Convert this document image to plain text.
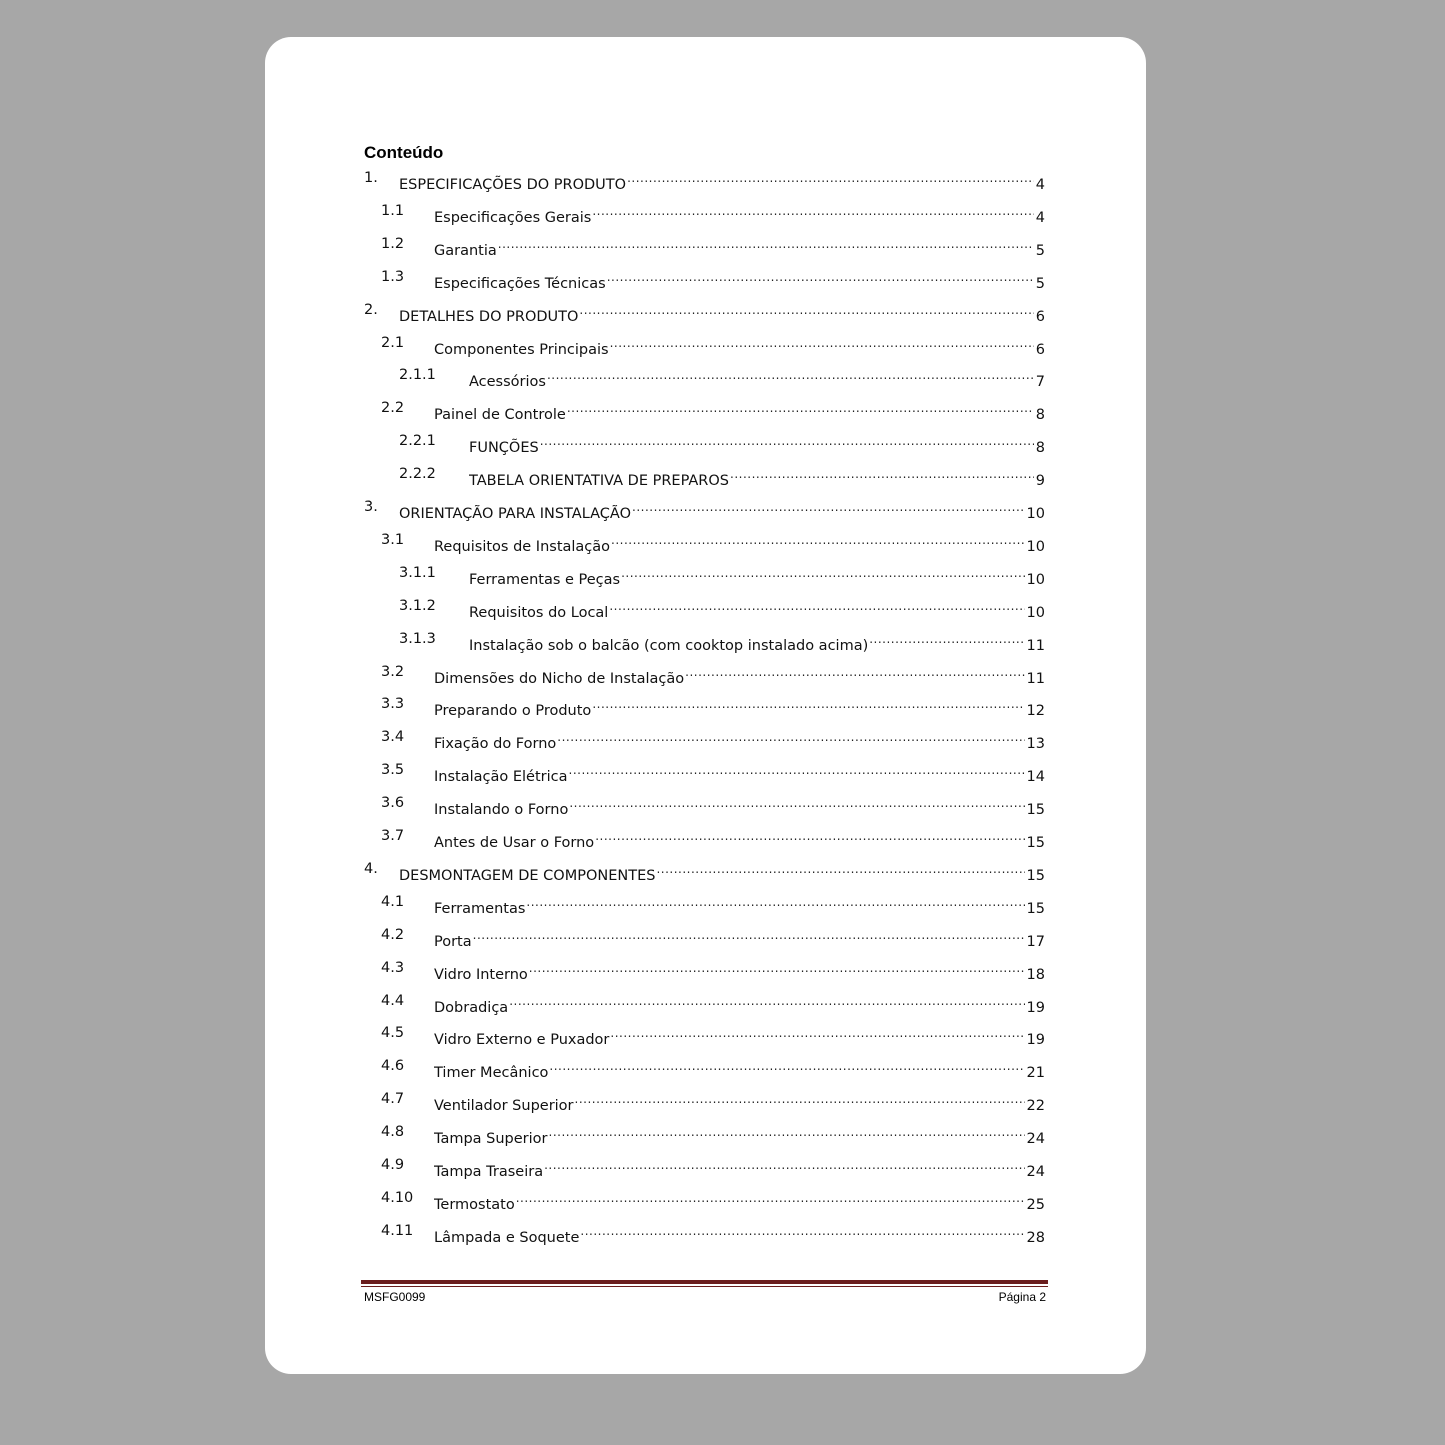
Conteúdo
1. ESPECIFICAÇÕES DO PRODUTO .....	4
1.1 Especificações Gerais .....	4
1.2 Garantia .....	5
1.3 Especificações Técnicas .....	5
2. DETALHES DO PRODUTO .....	6
2.1 Componentes Principais .....	6
2.1.1 Acessórios .....	7
2.2 Painel de Controle .....	8
2.2.1 FUNÇÕES .....	8
2.2.2 TABELA ORIENTATIVA DE PREPAROS .....	9
3. ORIENTAÇÃO PARA INSTALAÇÃO .....	10
3.1 Requisitos de Instalação .....	10
3.1.1 Ferramentas e Peças .....	10
3.1.2 Requisitos do Local .....	10
3.1.3 Instalação sob o balcão (com cooktop instalado acima) .....	11
3.2 Dimensões do Nicho de Instalação .....	11
3.3 Preparando o Produto .....	12
3.4 Fixação do Forno .....	13
3.5 Instalação Elétrica .....	14
3.6 Instalando o Forno .....	15
3.7 Antes de Usar o Forno .....	15
4. DESMONTAGEM DE COMPONENTES .....	15
4.1 Ferramentas .....	15
4.2 Porta .....	17
4.3 Vidro Interno .....	18
4.4 Dobradiça .....	19
4.5 Vidro Externo e Puxador .....	19
4.6 Timer Mecânico .....	21
4.7 Ventilador Superior .....	22
4.8 Tampa Superior .....	24
4.9 Tampa Traseira .....	24
4.10 Termostato .....	25
4.11 Lâmpada e Soquete .....	28
MSFG0099	Página 2
